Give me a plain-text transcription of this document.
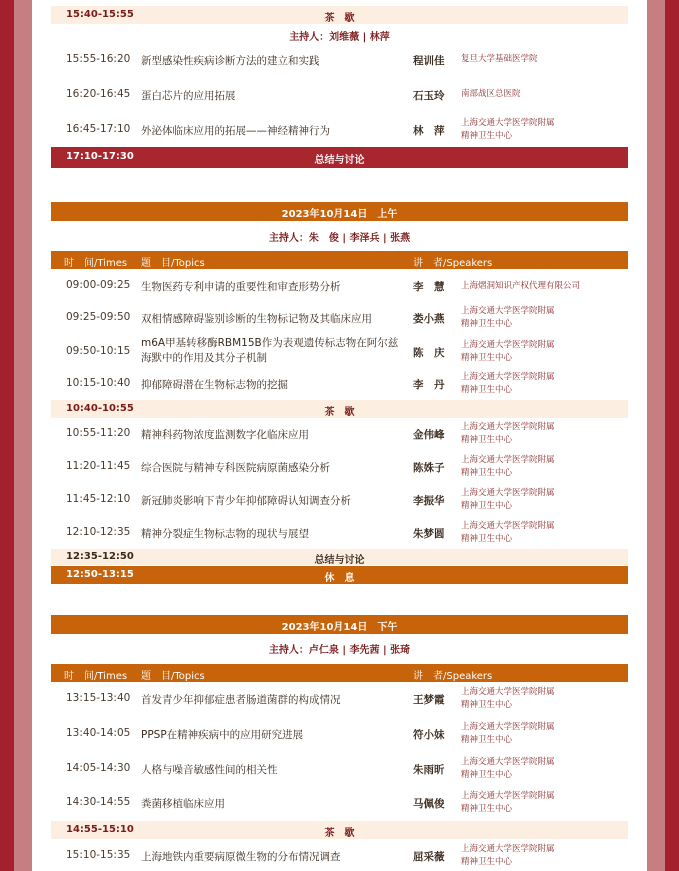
15:40-15:55	茶　歇
主持人：刘维薇 | 林萍
15:55-16:20 新型感染性疾病诊断方法的建立和实践	程训佳 复旦大学基础医学院
16:20-16:45 蛋白芯片的应用拓展	石玉玲 南部战区总医院
16:45-17:10 外泌体临床应用的拓展——神经精神行为	林　萍
上海交通大学医学院附属
精神卫生中心
17:10-17:30	总结与讨论
2023年10月14日　上午
主持人：朱　俊 | 李泽兵 | 张燕
时　间/Times 题　目/Topics	讲　者/Speakers
09:00-09:25 生物医药专利申请的重要性和审查形势分析	李　慧 上海熠洞知识产权代理有限公司
09:25-09:50 双相情感障碍鉴别诊断的生物标记物及其临床应用	娄小燕
上海交通大学医学院附属
精神卫生中心
09:50-10:15
m6A甲基转移酶RBM15B作为表观遗传标志物在阿尔兹海默中的作用及其分子机制	陈　庆
上海交通大学医学院附属
精神卫生中心
10:15-10:40 抑郁障碍潜在生物标志物的挖掘	李　丹
上海交通大学医学院附属
精神卫生中心
10:40-10:55	茶　歇
10:55-11:20 精神科药物浓度监测数字化临床应用	金伟峰
上海交通大学医学院附属
精神卫生中心
11:20-11:45 综合医院与精神专科医院病原菌感染分析	陈姝子
上海交通大学医学院附属
精神卫生中心
11:45-12:10 新冠肺炎影响下青少年抑郁障碍认知调查分析	李振华
上海交通大学医学院附属
精神卫生中心
12:10-12:35 精神分裂症生物标志物的现状与展望	朱梦圆
上海交通大学医学院附属
精神卫生中心
12:35-12:50	总结与讨论
12:50-13:15	休　息
2023年10月14日　下午
主持人：卢仁泉 | 李先茜 | 张琦
时　间/Times 题　目/Topics	讲　者/Speakers
13:15-13:40 首发青少年抑郁症患者肠道菌群的构成情况	王梦霞
上海交通大学医学院附属
精神卫生中心
13:40-14:05 PPSP在精神疾病中的应用研究进展	符小妹
上海交通大学医学院附属
精神卫生中心
14:05-14:30 人格与噪音敏感性间的相关性	朱雨昕
上海交通大学医学院附属
精神卫生中心
14:30-14:55 粪菌移植临床应用	马佩俊
上海交通大学医学院附属
精神卫生中心
14:55-15:10	茶　歇
15:10-15:35 上海地铁内重要病原微生物的分布情况调查	屈采薇
上海交通大学医学院附属
精神卫生中心
